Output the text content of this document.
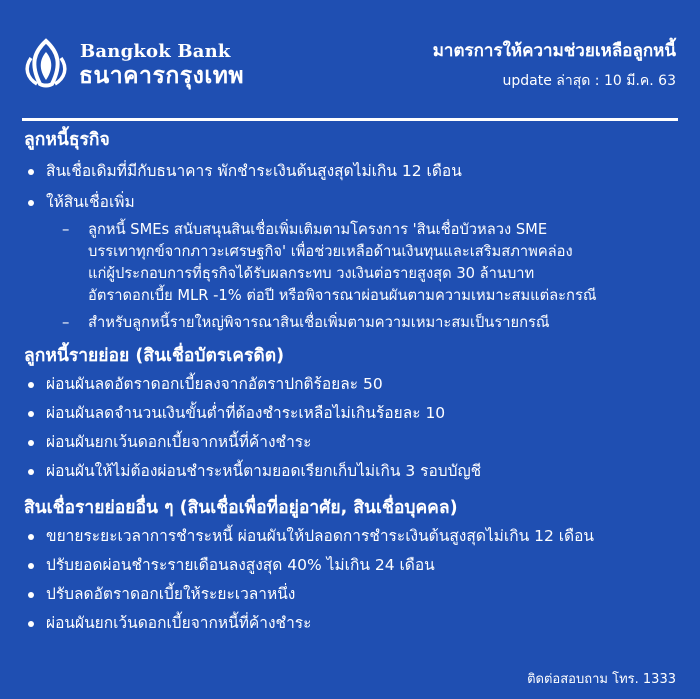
Bangkok Bank
ธนาคารกรุงเทพ
มาตรการให้ความช่วยเหลือลูกหนี้
update ล่าสุด : 10 มี.ค. 63
ลูกหนี้ธุรกิจ
สินเชื่อเดิมที่มีกับธนาคาร พักชำระเงินต้นสูงสุดไม่เกิน 12 เดือน
ให้สินเชื่อเพิ่ม
– ลูกหนี้ SMEs สนับสนุนสินเชื่อเพิ่มเติมตามโครงการ 'สินเชื่อบัวหลวง SME
บรรเทาทุกข์จากภาวะเศรษฐกิจ' เพื่อช่วยเหลือด้านเงินทุนและเสริมสภาพคล่อง
แก่ผู้ประกอบการที่ธุรกิจได้รับผลกระทบ วงเงินต่อรายสูงสุด 30 ล้านบาท
อัตราดอกเบี้ย MLR -1% ต่อปี หรือพิจารณาผ่อนผันตามความเหมาะสมแต่ละกรณี
– สำหรับลูกหนี้รายใหญ่พิจารณาสินเชื่อเพิ่มตามความเหมาะสมเป็นรายกรณี
ลูกหนี้รายย่อย (สินเชื่อบัตรเครดิต)
ผ่อนผันลดอัตราดอกเบี้ยลงจากอัตราปกติร้อยละ 50
ผ่อนผันลดจำนวนเงินขั้นต่ำที่ต้องชำระเหลือไม่เกินร้อยละ 10
ผ่อนผันยกเว้นดอกเบี้ยจากหนี้ที่ค้างชำระ
ผ่อนผันให้ไม่ต้องผ่อนชำระหนี้ตามยอดเรียกเก็บไม่เกิน 3 รอบบัญชี
สินเชื่อรายย่อยอื่น ๆ (สินเชื่อเพื่อที่อยู่อาศัย, สินเชื่อบุคคล)
ขยายระยะเวลาการชำระหนี้ ผ่อนผันให้ปลอดการชำระเงินต้นสูงสุดไม่เกิน 12 เดือน
ปรับยอดผ่อนชำระรายเดือนลงสูงสุด 40% ไม่เกิน 24 เดือน
ปรับลดอัตราดอกเบี้ยให้ระยะเวลาหนึ่ง
ผ่อนผันยกเว้นดอกเบี้ยจากหนี้ที่ค้างชำระ
ติดต่อสอบถาม โทร. 1333
